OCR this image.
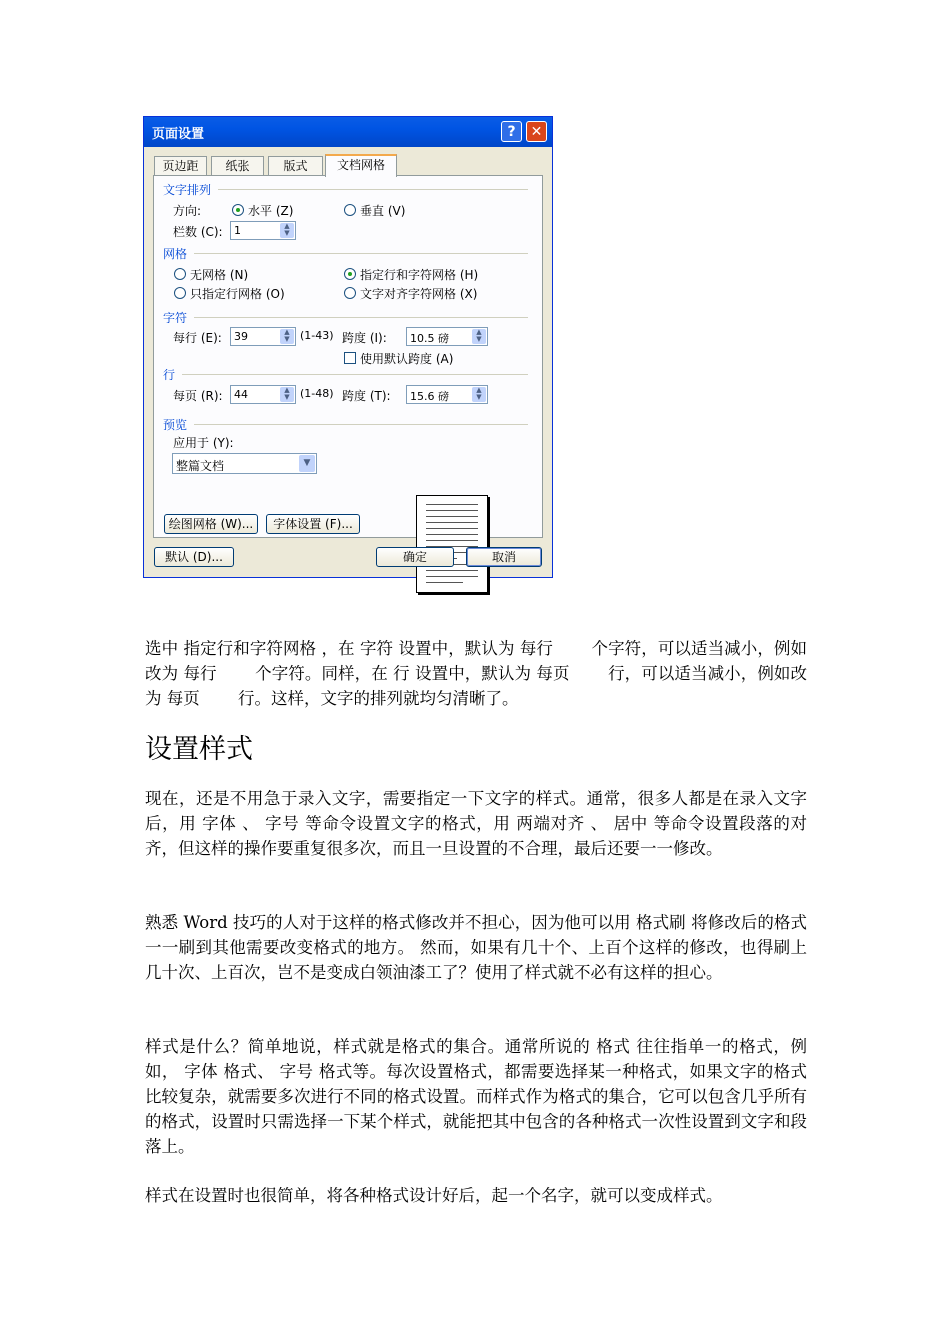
页面设置	?	✕
页边距	纸张	版式	文档网格
文字排列
方向:	水平 (Z)	垂直 (V)
栏数 (C): 1	▲
▼
网格
无网格 (N)	指定行和字符网格 (H)
只指定行网格 (O)	文字对齐字符网格 (X)
字符
每行 (E): 39	▲
▼ (1-43) 跨度 (I): 10.5 磅	▲
▼
使用默认跨度 (A)
行
每页 (R): 44	▲
▼ (1-48) 跨度 (T): 15.6 磅	▲
▼
预览
应用于 (Y):
整篇文档	▼
绘图网格 (W)...	字体设置 (F)...
默认 (D)...	确定	取消
选中 指定行和字符网格 ，在 字符 设置中，默认为 每行　　 个字符，可以适当减小，例如改为 每行　　 个字符。同样，在 行 设置中，默认为 每页　　 行，可以适当减小，例如改为 每页　　 行。这样，文字的排列就均匀清晰了。
设置样式
现在，还是不用急于录入文字，需要指定一下文字的样式。通常，很多人都是在录入文字后，用 字体 、 字号 等命令设置文字的格式，用 两端对齐 、 居中 等命令设置段落的对齐，但这样的操作要重复很多次，而且一旦设置的不合理，最后还要一一修改。
熟悉 Word 技巧的人对于这样的格式修改并不担心，因为他可以用 格式刷 将修改后的格式一一刷到其他需要改变格式的地方。 然而，如果有几十个、上百个这样的修改，也得刷上几十次、上百次，岂不是变成白领油漆工了？使用了样式就不必有这样的担心。
样式是什么？简单地说，样式就是格式的集合。通常所说的 格式 往往指单一的格式，例如， 字体 格式、 字号 格式等。每次设置格式，都需要选择某一种格式，如果文字的格式比较复杂，就需要多次进行不同的格式设置。而样式作为格式的集合，它可以包含几乎所有的格式，设置时只需选择一下某个样式，就能把其中包含的各种格式一次性设置到文字和段落上。
样式在设置时也很简单，将各种格式设计好后，起一个名字，就可以变成样式。
